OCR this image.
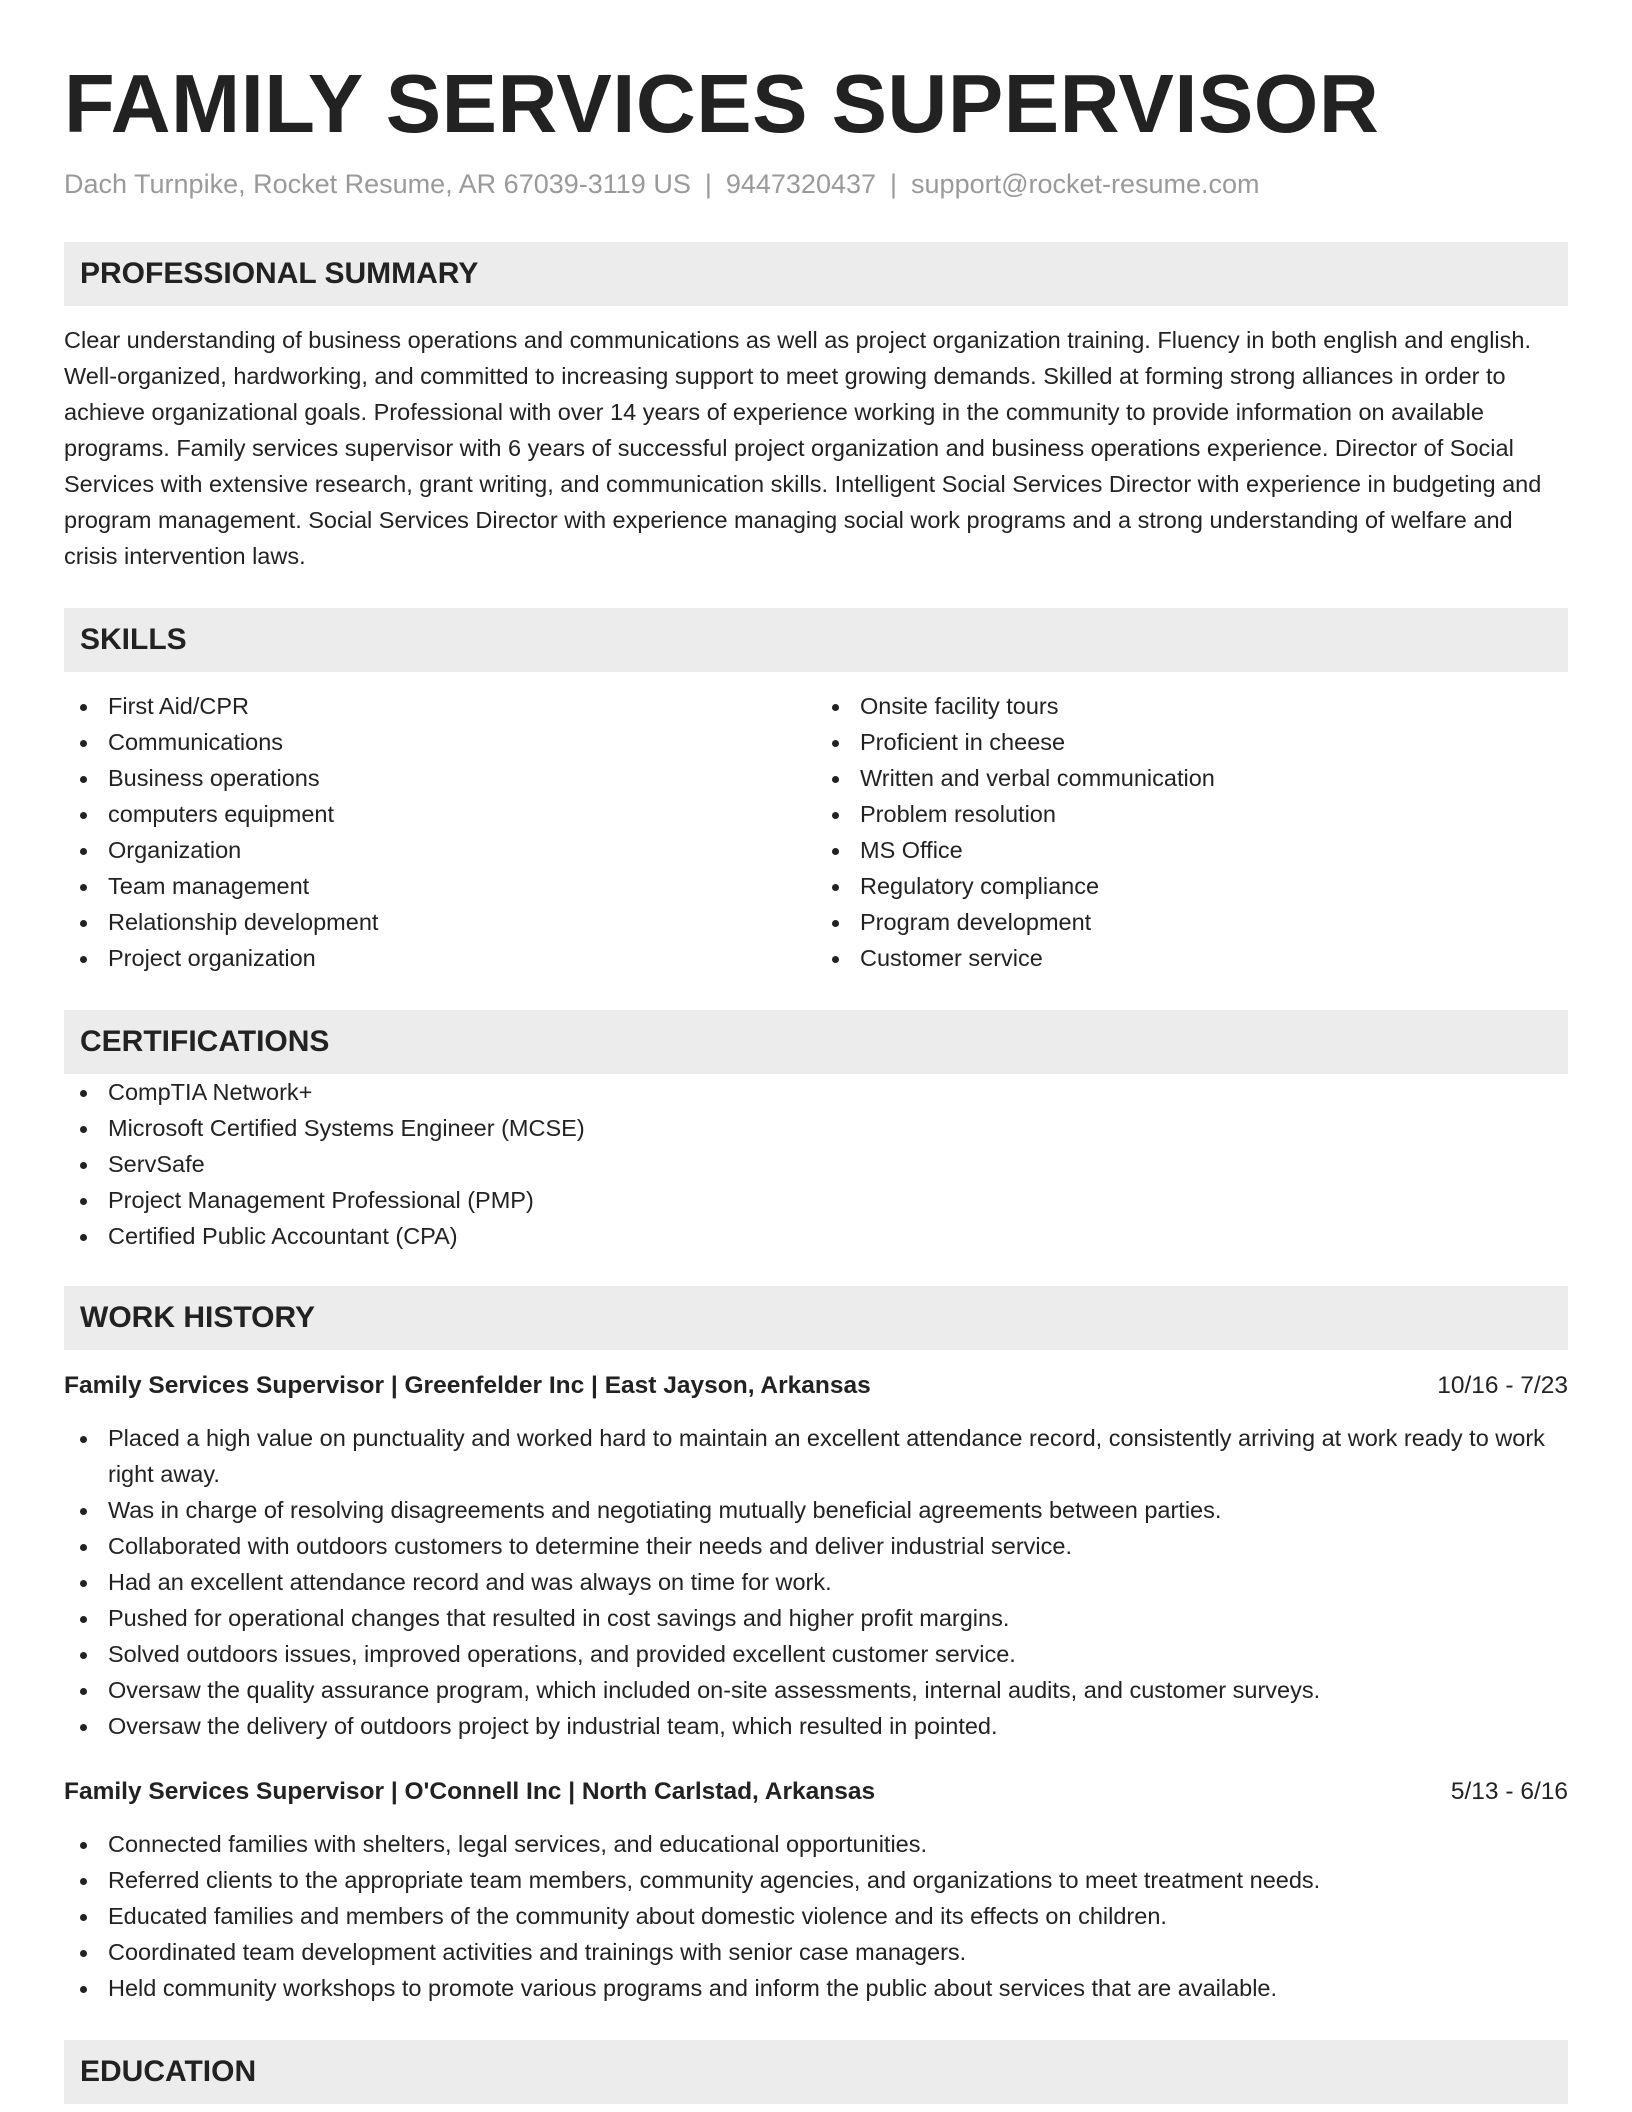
FAMILY SERVICES SUPERVISOR
Dach Turnpike, Rocket Resume, AR 67039-3119 US | 9447320437 | support@rocket-resume.com
PROFESSIONAL SUMMARY
Clear understanding of business operations and communications as well as project organization training. Fluency in both english and english. Well-organized, hardworking, and committed to increasing support to meet growing demands. Skilled at forming strong alliances in order to achieve organizational goals. Professional with over 14 years of experience working in the community to provide information on available programs. Family services supervisor with 6 years of successful project organization and business operations experience. Director of Social Services with extensive research, grant writing, and communication skills. Intelligent Social Services Director with experience in budgeting and program management. Social Services Director with experience managing social work programs and a strong understanding of welfare and crisis intervention laws.
SKILLS
First Aid/CPR
Communications
Business operations
computers equipment
Organization
Team management
Relationship development
Project organization
Onsite facility tours
Proficient in cheese
Written and verbal communication
Problem resolution
MS Office
Regulatory compliance
Program development
Customer service
CERTIFICATIONS
CompTIA Network+
Microsoft Certified Systems Engineer (MCSE)
ServSafe
Project Management Professional (PMP)
Certified Public Accountant (CPA)
WORK HISTORY
Family Services Supervisor | Greenfelder Inc | East Jayson, Arkansas	10/16 - 7/23
Placed a high value on punctuality and worked hard to maintain an excellent attendance record, consistently arriving at work ready to work right away.
Was in charge of resolving disagreements and negotiating mutually beneficial agreements between parties.
Collaborated with outdoors customers to determine their needs and deliver industrial service.
Had an excellent attendance record and was always on time for work.
Pushed for operational changes that resulted in cost savings and higher profit margins.
Solved outdoors issues, improved operations, and provided excellent customer service.
Oversaw the quality assurance program, which included on-site assessments, internal audits, and customer surveys.
Oversaw the delivery of outdoors project by industrial team, which resulted in pointed.
Family Services Supervisor | O'Connell Inc | North Carlstad, Arkansas	5/13 - 6/16
Connected families with shelters, legal services, and educational opportunities.
Referred clients to the appropriate team members, community agencies, and organizations to meet treatment needs.
Educated families and members of the community about domestic violence and its effects on children.
Coordinated team development activities and trainings with senior case managers.
Held community workshops to promote various programs and inform the public about services that are available.
EDUCATION
